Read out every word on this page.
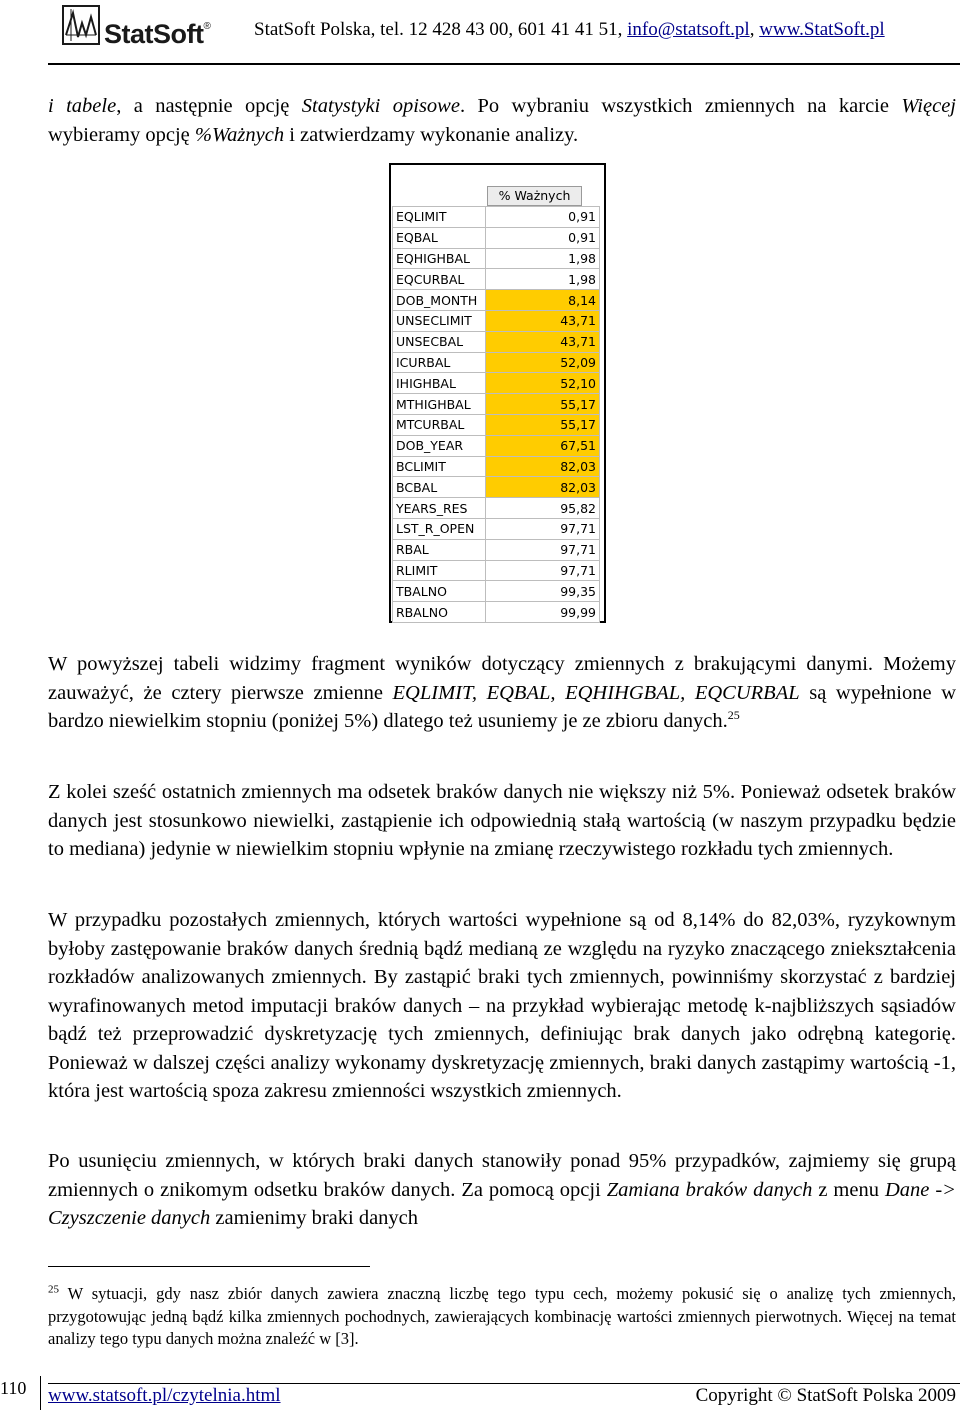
StatSoft® StatSoft Polska, tel. 12 428 43 00, 601 41 41 51, info@statsoft.pl, www.StatSoft.pl

i tabele, a następnie opcję Statystyki opisowe. Po wybraniu wszystkich zmiennych na karcie Więcej wybieramy opcję %Ważnych i zatwierdzamy wykonanie analizy.

% Ważnych
EQLIMIT	0,91
EQBAL	0,91
EQHIGHBAL	1,98
EQCURBAL	1,98
DOB_MONTH	8,14
UNSECLIMIT	43,71
UNSECBAL	43,71
ICURBAL	52,09
IHIGHBAL	52,10
MTHIGHBAL	55,17
MTCURBAL	55,17
DOB_YEAR	67,51
BCLIMIT	82,03
BCBAL	82,03
YEARS_RES	95,82
LST_R_OPEN	97,71
RBAL	97,71
RLIMIT	97,71
TBALNO	99,35
RBALNO	99,99

W powyższej tabeli widzimy fragment wyników dotyczący zmiennych z brakującymi danymi. Możemy zauważyć, że cztery pierwsze zmienne EQLIMIT, EQBAL, EQHIHGBAL, EQCURBAL są wypełnione w bardzo niewielkim stopniu (poniżej 5%) dlatego też usuniemy je ze zbioru danych.$^{25}$

Z kolei sześć ostatnich zmiennych ma odsetek braków danych nie większy niż 5%. Ponieważ odsetek braków danych jest stosunkowo niewielki, zastąpienie ich odpowiednią stałą wartością (w naszym przypadku będzie to mediana) jedynie w niewielkim stopniu wpłynie na zmianę rzeczywistego rozkładu tych zmiennych.

W przypadku pozostałych zmiennych, których wartości wypełnione są od 8,14% do 82,03%, ryzykownym byłoby zastępowanie braków danych średnią bądź medianą ze względu na ryzyko znaczącego zniekształcenia rozkładów analizowanych zmiennych. By zastąpić braki tych zmiennych, powinniśmy skorzystać z bardziej wyrafinowanych metod imputacji braków danych – na przykład wybierając metodę k-najbliższych sąsiadów bądź też przeprowadzić dyskretyzację tych zmiennych, definiując brak danych jako odrębną kategorię. Ponieważ w dalszej części analizy wykonamy dyskretyzację zmiennych, braki danych zastąpimy wartością -1, która jest wartością spoza zakresu zmienności wszystkich zmiennych.

Po usunięciu zmiennych, w których braki danych stanowiły ponad 95% przypadków, zajmiemy się grupą zmiennych o znikomym odsetku braków danych. Za pomocą opcji Zamiana braków danych z menu Dane -> Czyszczenie danych zamienimy braki danych

$^{25}$ W sytuacji, gdy nasz zbiór danych zawiera znaczną liczbę tego typu cech, możemy pokusić się o analizę tych zmiennych, przygotowując jedną bądź kilka zmiennych pochodnych, zawierających kombinację wartości zmiennych pierwotnych. Więcej na temat analizy tego typu danych można znaleźć w [3].

110 www.statsoft.pl/czytelnia.html	Copyright © StatSoft Polska 2009
